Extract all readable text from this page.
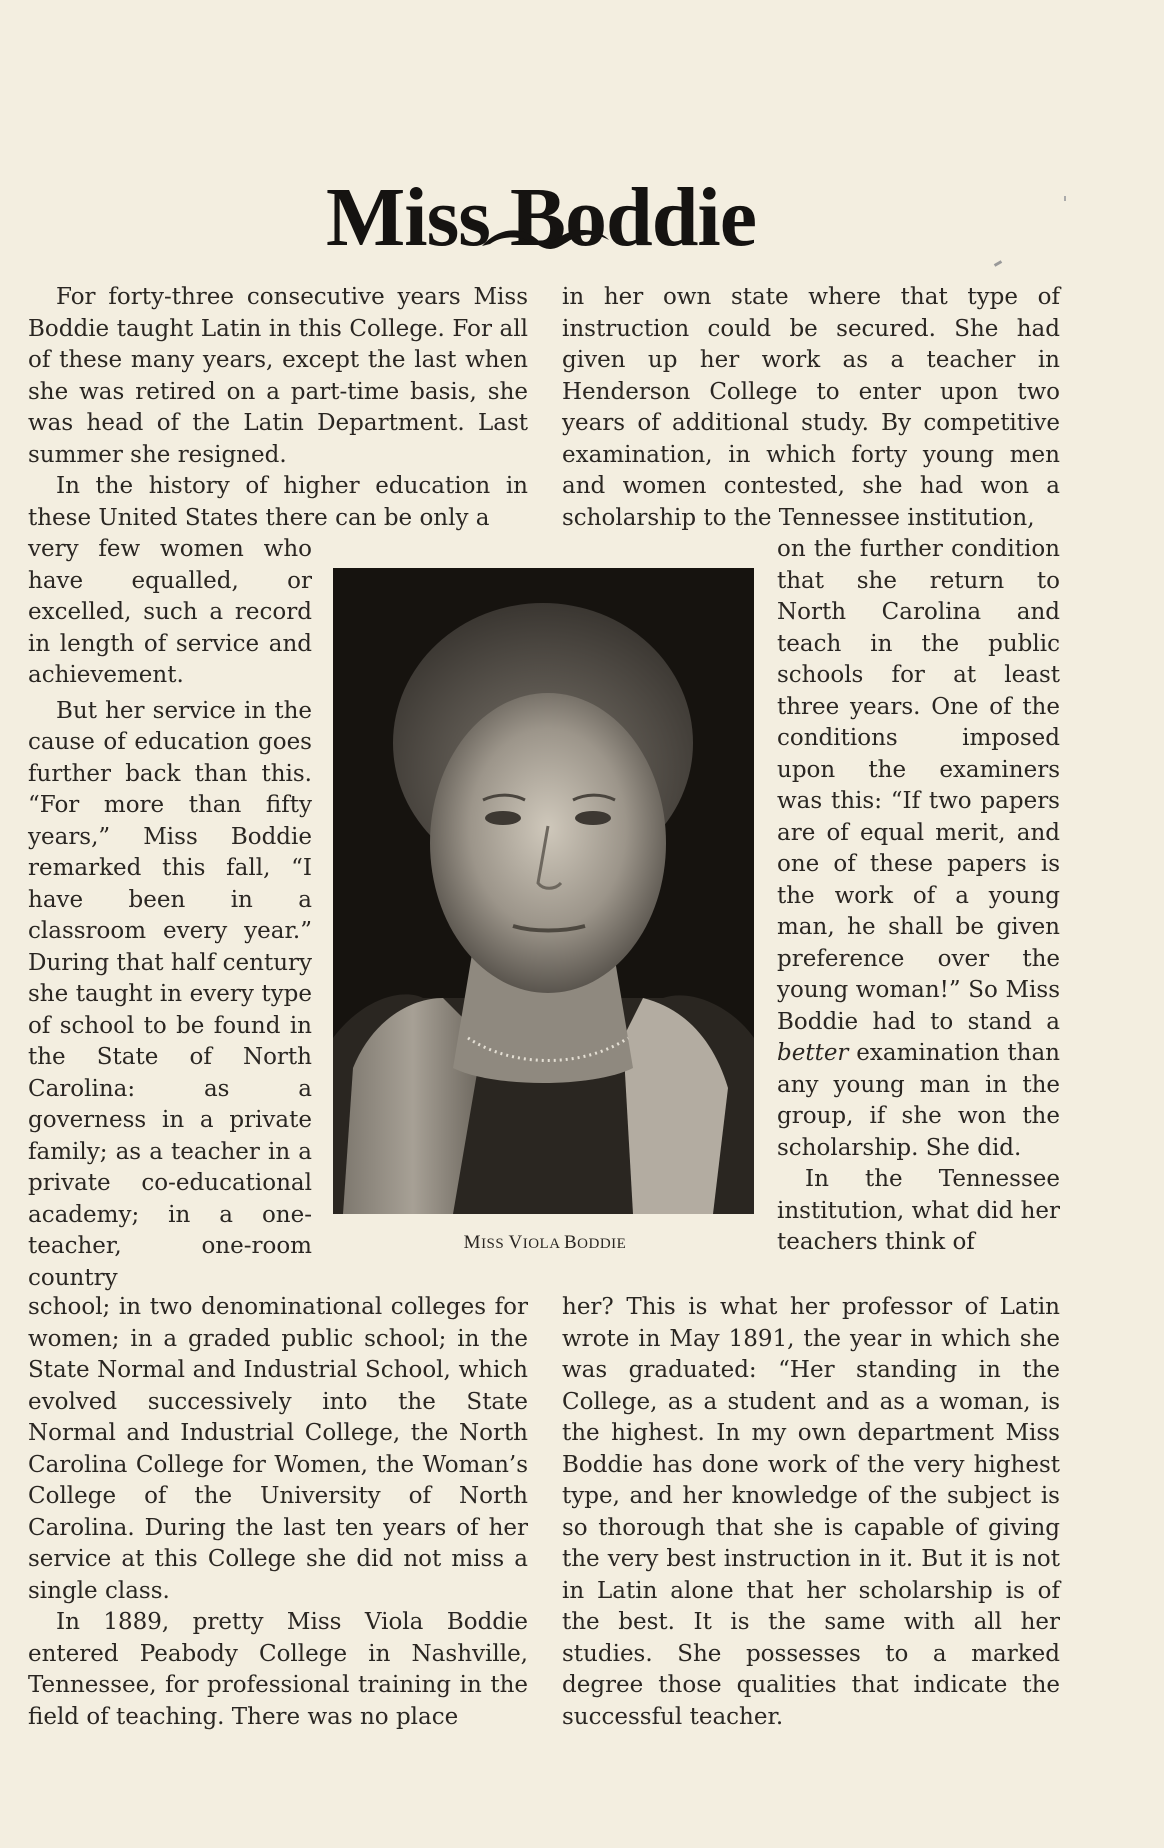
Miss Boddie

For forty-three consecutive years Miss Boddie taught Latin in this College. For all of these many years, except the last when she was retired on a part-time basis, she was head of the Latin Department. Last summer she resigned.

In the history of higher education in these United States there can be only a

very few women who have equalled, or excelled, such a record in length of service and achievement.

But her service in the cause of education goes further back than this. “For more than fifty years,” Miss Boddie remarked this fall, “I have been in a classroom every year.” During that half century she taught in every type of school to be found in the State of North Carolina: as a governess in a private family; as a teacher in a private co-educational academy; in a one-teacher, one-room country

school; in two denominational colleges for women; in a graded public school; in the State Normal and Industrial School, which evolved successively into the State Normal and Industrial College, the North Carolina College for Women, the Woman’s College of the University of North Carolina. During the last ten years of her service at this College she did not miss a single class.

In 1889, pretty Miss Viola Boddie entered Peabody College in Nashville, Tennessee, for professional training in the field of teaching. There was no place

in her own state where that type of instruction could be secured. She had given up her work as a teacher in Henderson College to enter upon two years of additional study. By competitive examination, in which forty young men and women contested, she had won a scholarship to the Tennessee institution,

on the further condition that she return to North Carolina and teach in the public schools for at least three years. One of the conditions imposed upon the examiners was this: “If two papers are of equal merit, and one of these papers is the work of a young man, he shall be given preference over the young woman!” So Miss Boddie had to stand a better examination than any young man in the group, if she won the scholarship. She did.

In the Tennessee institution, what did her teachers think of

her? This is what her professor of Latin wrote in May 1891, the year in which she was graduated: “Her standing in the College, as a student and as a woman, is the highest. In my own department Miss Boddie has done work of the very highest type, and her knowledge of the subject is so thorough that she is capable of giving the very best instruction in it. But it is not in Latin alone that her scholarship is of the best. It is the same with all her studies. She possesses to a marked degree those qualities that indicate the successful teacher.

MISS VIOLA BODDIE
